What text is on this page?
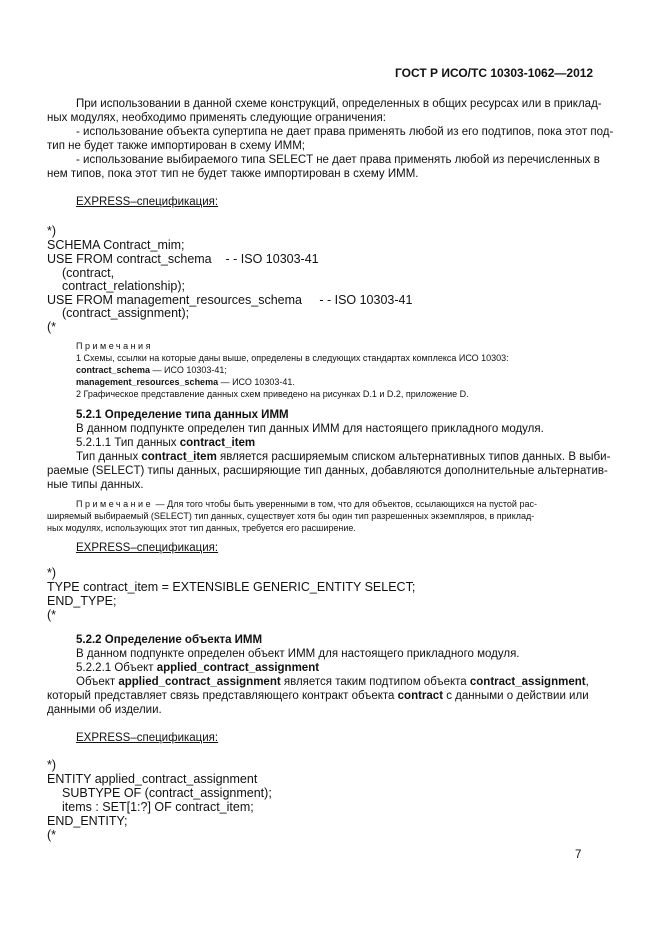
ГОСТ Р ИСО/ТС 10303-1062—2012
При использовании в данной схеме конструкций, определенных в общих ресурсах или в приклад-
ных модулях, необходимо применять следующие ограничения:
- использование объекта супертипа не дает права применять любой из его подтипов, пока этот под-
тип не будет также импортирован в схему ИММ;
- использование выбираемого типа SELECT не дает права применять любой из перечисленных в
нем типов, пока этот тип не будет также импортирован в схему ИММ.
EXPRESS–спецификация:
*)
SCHEMA Contract_mim;
USE FROM contract_schema    - - ISO 10303-41
(contract,
contract_relationship);
USE FROM management_resources_schema     - - ISO 10303-41
(contract_assignment);
(*
Примечания
1 Схемы, ссылки на которые даны выше, определены в следующих стандартах комплекса ИСО 10303:
contract_schema — ИСО 10303-41;
management_resources_schema — ИСО 10303-41.
2 Графическое представление данных схем приведено на рисунках D.1 и D.2, приложение D.
5.2.1 Определение типа данных ИММ
В данном подпункте определен тип данных ИММ для настоящего прикладного модуля.
5.2.1.1 Тип данных contract_item
Тип данных contract_item является расширяемым списком альтернативных типов данных. В выби-
раемые (SELECT) типы данных, расширяющие тип данных, добавляются дополнительные альтернатив-
ные типы данных.
Примечание — Для того чтобы быть уверенными в том, что для объектов, ссылающихся на пустой рас-
ширяемый выбираемый (SELECT) тип данных, существует хотя бы один тип разрешенных экземпляров, в приклад-
ных модулях, использующих этот тип данных, требуется его расширение.
EXPRESS–спецификация:
*)
TYPE contract_item = EXTENSIBLE GENERIC_ENTITY SELECT;
END_TYPE;
(*
5.2.2 Определение объекта ИММ
В данном подпункте определен объект ИММ для настоящего прикладного модуля.
5.2.2.1 Объект applied_contract_assignment
Объект applied_contract_assignment является таким подтипом объекта contract_assignment,
который представляет связь представляющего контракт объекта contract с данными о действии или
данными об изделии.
EXPRESS–спецификация:
*)
ENTITY applied_contract_assignment
SUBTYPE OF (contract_assignment);
items : SET[1:?] OF contract_item;
END_ENTITY;
(*
7
